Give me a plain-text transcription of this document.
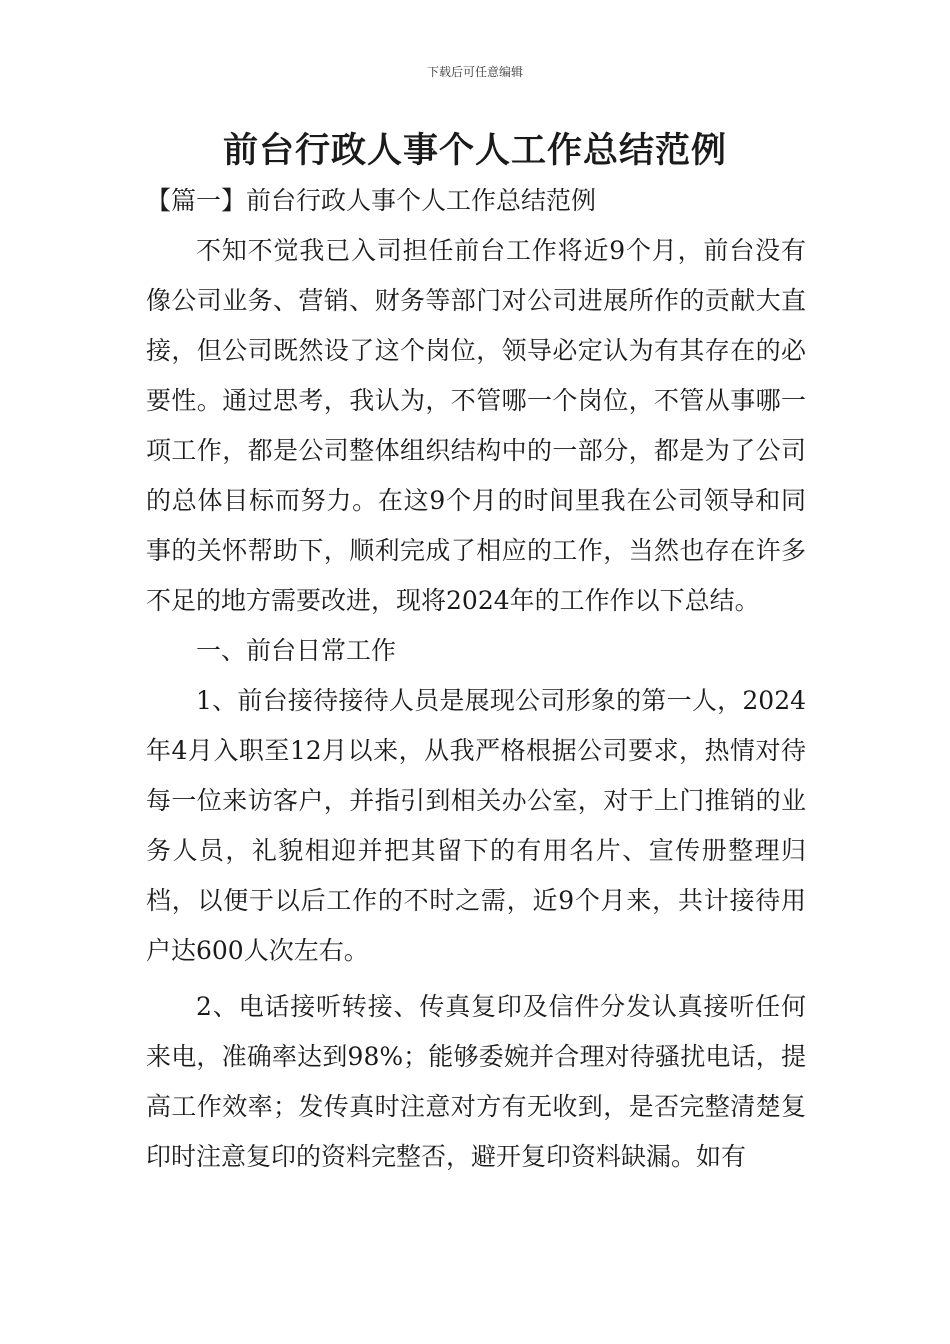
下载后可任意编辑
前台行政人事个人工作总结范例

【篇一】前台行政人事个人工作总结范例

不知不觉我已入司担任前台工作将近9个月，前台没有像公司业务、营销、财务等部门对公司进展所作的贡献大直接，但公司既然设了这个岗位，领导必定认为有其存在的必要性。通过思考，我认为，不管哪一个岗位，不管从事哪一项工作，都是公司整体组织结构中的一部分，都是为了公司的总体目标而努力。在这9个月的时间里我在公司领导和同事的关怀帮助下，顺利完成了相应的工作，当然也存在许多不足的地方需要改进，现将2024年的工作作以下总结。

一、前台日常工作

1、前台接待接待人员是展现公司形象的第一人，2024年4月入职至12月以来，从我严格根据公司要求，热情对待每一位来访客户，并指引到相关办公室，对于上门推销的业务人员，礼貌相迎并把其留下的有用名片、宣传册整理归档，以便于以后工作的不时之需，近9个月来，共计接待用户达600人次左右。

2、电话接听转接、传真复印及信件分发认真接听任何来电，准确率达到98%；能够委婉并合理对待骚扰电话，提高工作效率；发传真时注意对方有无收到，是否完整清楚复印时注意复印的资料完整否，避开复印资料缺漏。如有
